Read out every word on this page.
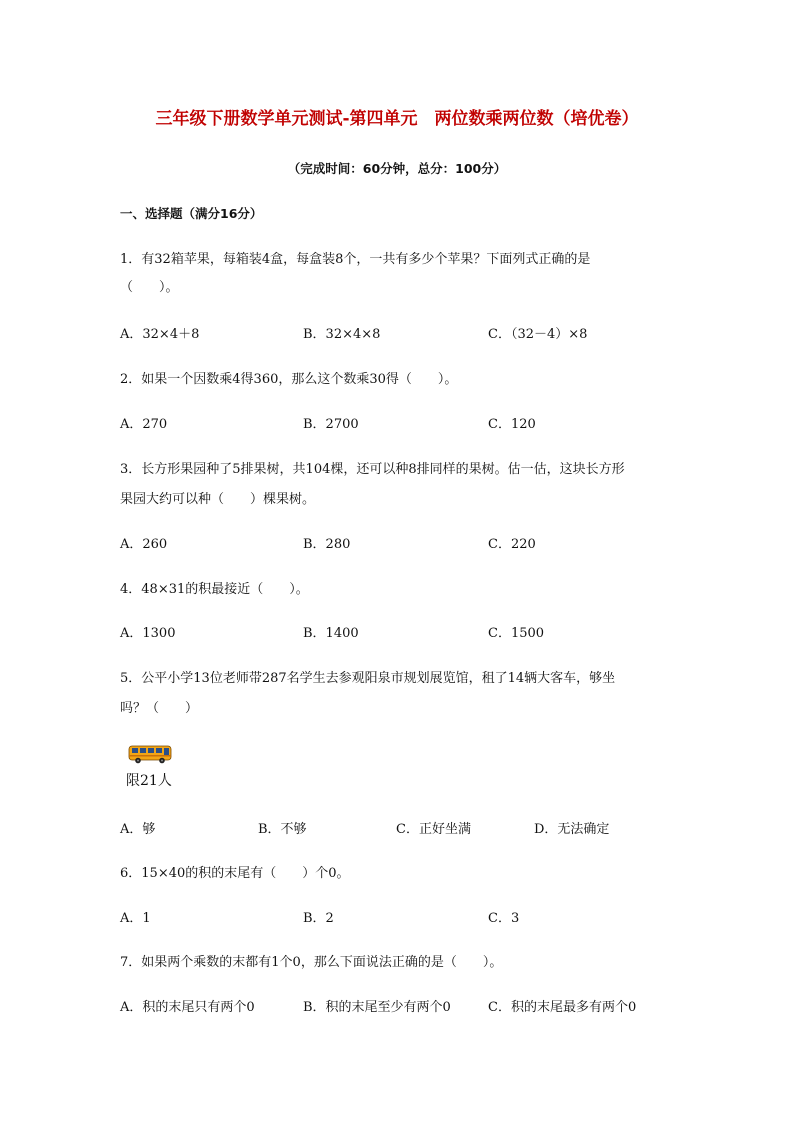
三年级下册数学单元测试-第四单元　两位数乘两位数（培优卷）
（完成时间：60分钟，总分：100分）
一、选择题（满分16分）
1．有32箱苹果，每箱装4盒，每盒装8个，一共有多少个苹果？下面列式正确的是
（　　）。
A．32×4＋8	B．32×4×8	C．（32－4）×8
2．如果一个因数乘4得360，那么这个数乘30得（　　）。
A．270	B．2700	C．120
3．长方形果园种了5排果树，共104棵，还可以种8排同样的果树。估一估，这块长方形
果园大约可以种（　　）棵果树。
A．260	B．280	C．220
4．48×31的积最接近（　　）。
A．1300	B．1400	C．1500
5．公平小学13位老师带287名学生去参观阳泉市规划展览馆，租了14辆大客车，够坐
吗？（　　）
限21人
A．够	B．不够	C．正好坐满	D．无法确定
6．15×40的积的末尾有（　　）个0。
A．1	B．2	C．3
7．如果两个乘数的末都有1个0，那么下面说法正确的是（　　）。
A．积的末尾只有两个0	B．积的末尾至少有两个0	C．积的末尾最多有两个0
